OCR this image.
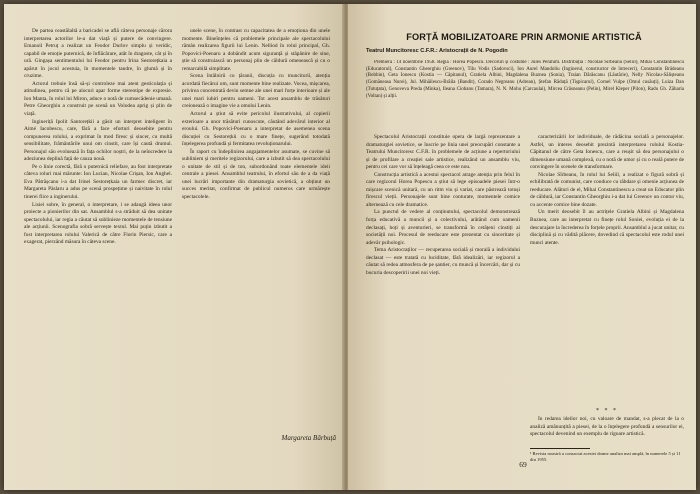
De partea ceastălaltă a baricadei se află câteva personaje cărora interpretarea actorilor le-a dat viață și putere de convingere. Emanoil Petruț a realizat un Feodor Durlov simplu și veridic, capabil de emoție puternică, de înflăcărare, atât în dragoste, cât și în ură. Gingașa sentimentului lui Feodor pentru Irina Sestorețkaia a apărut în jocul acestuia, în momentele tandre, în glumă și în cruzime.

Actorul trebuie însă să-și controleze mai atent gesticulația și atitudinea, pentru că pe alocuri apar forme stereotipe de expresie. Ion Manta, în rolul lui Miron, aduce o notă de cumsecădenie umană. Petre Gheorghiu a construit pe scenă un Volodea aprig și plin de viață.

Ingineriță Ipolit Santorețkii a găsit un interpret inteligent în Aimé Iacobescu, care, fără a face eforturi deosebite pentru compunerea rolului, a exprimat în mod firesc și sincer, cu multă sensibilitate, frământările unui om cinstit, care își caută drumul. Personajul său evoluează în fața ochilor noștri, de la neîncredere la adeziunea deplină față de cauza nouă.

Pe o linie corectă, fără o puternică reliefare, au fost interpretate câteva roluri mai mărunte: Ion Lucian, Nicolae Crișan, Ion Anghel. Eva Pătrășcanu i-a dat Irinei Sestorețkaia un farmec discret, iar Margareta Pâslaru a adus pe scenă prospețime și naivitate în rolul tinerei fiice a inginerului.

Lisiei sobre, în general, o interpretare, i se adaugă ideea unor proiecte a pionierilor din sat. Ansamblul s-a străduit să dea unitate spectacolului, iar regia a căutat să sublinieze momentele de tensiune ale acțiunii. Scenografia sobră servește textul. Mai puțin izbutit a fost interpretarea rolului Valerică de către Florin Piersic, care a exagerat, pierzând măsura în câteva scene.

unele scene, în contrast cu capacitatea de a emoționa din unele momente. Bineînțeles că problemele principale ale spectacolului rămân realizarea figurii lui Lenin. Nelliod în rolul principal, Gh. Popovici-Poenaru a dobândit acum siguranță și stăpânire de sine, știe să construiască un personaj plin de căldură omenească și cu o remarcabilă simplitate.

Scena întâlnirii cu țăranii, discuția cu muncitorii, atenția acordată fiecărui om, sunt momente bine realizate. Vocea, mișcarea, privirea concentrată devin semne ale unei mari forțe interioare și ale unei mari iubiri pentru oameni. Tot acest ansamblu de trăsături creionează o imagine vie a omului Lenin.

Actorul a știut să evite pericolul ilustrativului, al copierii exterioare a unor trăsături cunoscute, căutând adevărul interior al eroului. Gh. Popovici-Poenaru a interpretat de asemenea scena discuției cu Sestorețkii cu o mare finețe, sugerând totodată înțelegerea profundă și fermitatea revoluționarului.

În raport cu îndeplinirea angajamentelor asumate, se cuvine să subliniem și meritele regizorului, care a izbutit să dea spectacolului o unitate de stil și de ton, subordonând toate elementele ideii centrale a piesei. Ansamblul teatrului, în efortul său de a da viață unei lucrări importante din dramaturgia sovietică, a obținut un succes meritat, confirmat de publicul numeros care urmărește spectacolele.

Margareta Bărbuță
FORȚĂ MOBILIZATOARE PRIN ARMONIE ARTISTICĂ
Teatrul Muncitoresc C.F.R.: Aristocrații de N. Pogodin

Premiera : 14 noiembrie 1958. Regia : Horea Popescu. Decoruri și costume : Jules Perahim. Distribuția : Nicolae Sîrbeanu (Seliil), Mihai Constantinescu (Educatorul), Constantin Gheorghiu (Greenov), Tilu Vodis (Sadovsci), Ion Aurel Mandoliu (Inginerul, constructor de întreceri), Constantin Brădeanu (Bobbin), Geta Ionescu (Kostia — Căpitanul), Gratiela Albini, Magdalena Buznea (Sonia), Traian Dărăscanu (Lăutărie), Nelly Nicolau-Sălișteanu (Gomăneasa Nurei), Jul. Mihăilescu-Brăila (Bandit), Corado Negreanu (Adrean), Ștefan Răduță (Tișpicarul), Cornel Vulpe (Omul cusăuți), Luiza Dan (Tutuțata), Genoveva Preda (Minka), Ileana Ciobanu (Tamara), N. N. Mohu (Carcaulai), Mircea Crăsneanu (Pelin), Mirel Kleper (Pilon), Radu Gh. Zăharia (Voltan) și alții.

Spectacolul Aristocrații constituie opera de largă reprezentare a dramaturgiei sovietice, se înscrie pe linia unei preocupări constante a Teatrului Muncitoresc C.F.R. în problemele de acțiune a repertoriului și de profilare a creației sale artistice, realizând un ansamblu viu, pentru cei care vor să înțeleagă ceea ce este nou.

Construcția artistică a acestui spectacol atrage atenția prin felul în care regizorul Horea Popescu a știut să lege episoadele piesei într-o mișcare scenică unitară, cu un ritm viu și variat, care păstrează totuși firescul vieții. Personajele sunt bine conturate, momentele comice alternează cu cele dramatice.

La punctul de vedere al conținutului, spectacolul demonstrează forța educativă a muncii și a colectivului, arătând cum oamenii declasați, hoți și aventurieri, se transformă în cetățeni cinstiți ai societății noi. Procesul de reeducare este prezentat cu sinceritate și adevăr psihologic.

Tema Aristocraților — recuperarea socială și morală a individului declasat — este tratată cu luciditate, fără idealizări, iar regizorul a căutat să redea atmosfera de pe șantier, cu muncă și încercări, dar și cu bucuria descoperirii unei noi vieți.

caracterizării lor individuale, de rădăcina socială a personajelor. Astfel, un interes deosebit prezintă interpretarea rolului Kostia-Căpitanul de către Geta Ionescu, care a reușit să dea personajului o dimensiune umană complexă, cu o notă de umor și cu o reală putere de convingere în scenele de transformare.

Nicolae Sîrbeanu, în rolul lui Seliil, a realizat o figură sobră și echilibrată de comunist, care conduce cu răbdare și omenie acțiunea de reeducare. Alături de el, Mihai Constantinescu a creat un Educator plin de căldură, iar Constantin Gheorghiu i-a dat lui Greenov un contur viu, cu accente comice bine dozate.

Un merit deosebit îl au actrițele Gratiela Albini și Magdalena Buznea, care au interpretat cu finețe rolul Soniei, evoluția ei de la descurajare la încrederea în forțele proprii. Ansamblul a jucat unitar, cu disciplină și cu vădită plăcere, dovedind că spectacolul este rodul unei munci atente.

* * *

În redarea ideilor noi, cu valoare de mandat, s-a plecat de la o analiză amănunțită a piesei, de la o înțelegere profundă a sensurilor ei, spectacolul devenind un exemplu de rigoare artistică.

¹ Revista noastră a consacrat acestei drame analiza mai amplă, în numerele 5 și 11 din 1955.
69
